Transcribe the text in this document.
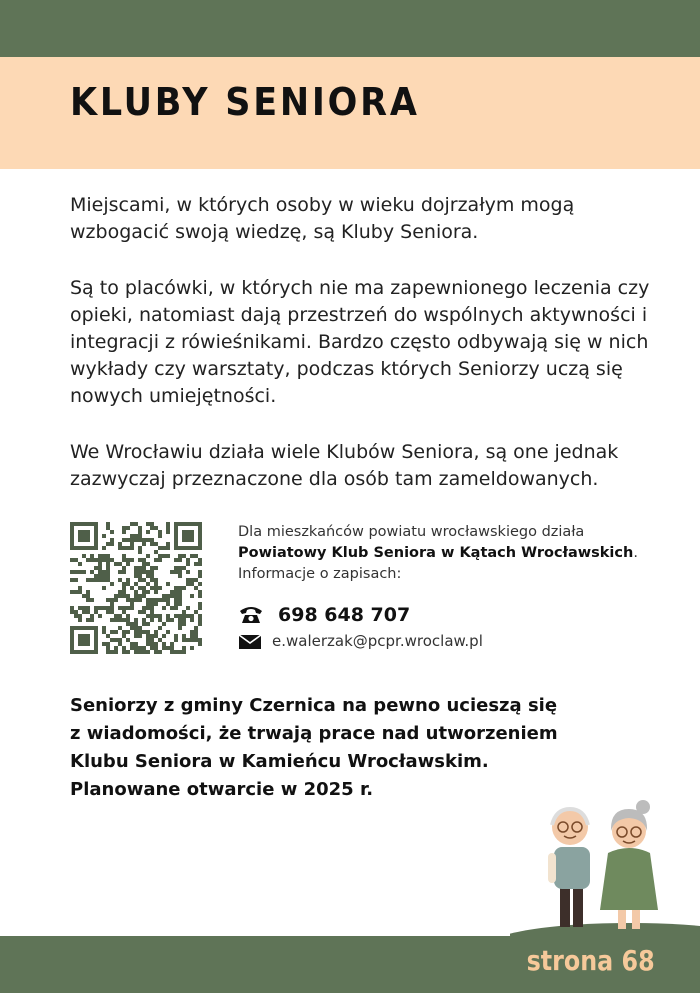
KLUBY SENIORA

Miejscami, w których osoby w wieku dojrzałym mogą wzbogacić swoją wiedzę, są Kluby Seniora.

Są to placówki, w których nie ma zapewnionego leczenia czy opieki, natomiast dają przestrzeń do wspólnych aktywności i integracji z rówieśnikami. Bardzo często odbywają się w nich wykłady czy warsztaty, podczas których Seniorzy uczą się nowych umiejętności.

We Wrocławiu działa wiele Klubów Seniora, są one jednak zazwyczaj przeznaczone dla osób tam zameldowanych.

Dla mieszkańców powiatu wrocławskiego działa
Powiatowy Klub Seniora w Kątach Wrocławskich.
Informacje o zapisach:
698 648 707
e.walerzak@pcpr.wroclaw.pl
Seniorzy z gminy Czernica na pewno ucieszą się
z wiadomości, że trwają prace nad utworzeniem
Klubu Seniora w Kamieńcu Wrocławskim.
Planowane otwarcie w 2025 r.
strona 68
